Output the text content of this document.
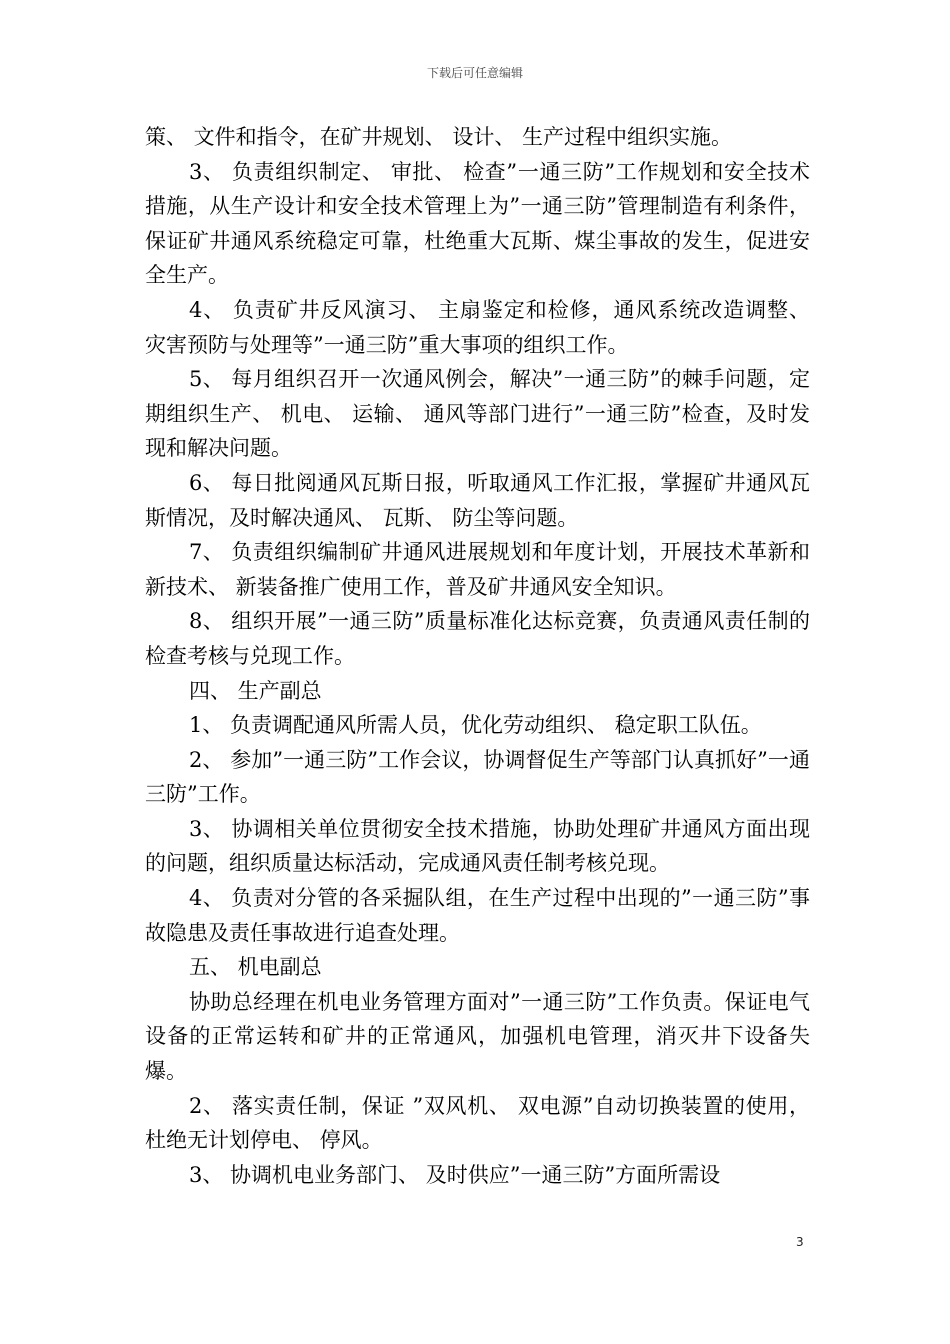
下载后可任意编辑

策、 文件和指令，在矿井规划、 设计、 生产过程中组织实施。

3、 负责组织制定、 审批、 检查”一通三防”工作规划和安全技术措施，从生产设计和安全技术管理上为”一通三防”管理制造有利条件，保证矿井通风系统稳定可靠，杜绝重大瓦斯、煤尘事故的发生，促进安全生产。

4、 负责矿井反风演习、 主扇鉴定和检修，通风系统改造调整、 灾害预防与处理等”一通三防”重大事项的组织工作。

5、 每月组织召开一次通风例会，解决”一通三防”的棘手问题，定期组织生产、 机电、 运输、 通风等部门进行”一通三防”检查，及时发现和解决问题。

6、 每日批阅通风瓦斯日报，听取通风工作汇报，掌握矿井通风瓦斯情况，及时解决通风、 瓦斯、 防尘等问题。

7、 负责组织编制矿井通风进展规划和年度计划，开展技术革新和新技术、 新装备推广使用工作，普及矿井通风安全知识。

8、 组织开展”一通三防”质量标准化达标竞赛，负责通风责任制的检查考核与兑现工作。

四、 生产副总

1、 负责调配通风所需人员，优化劳动组织、 稳定职工队伍。

2、 参加”一通三防”工作会议，协调督促生产等部门认真抓好”一通三防”工作。

3、 协调相关单位贯彻安全技术措施，协助处理矿井通风方面出现的问题，组织质量达标活动，完成通风责任制考核兑现。

4、 负责对分管的各采掘队组，在生产过程中出现的”一通三防”事故隐患及责任事故进行追查处理。

五、 机电副总

协助总经理在机电业务管理方面对”一通三防”工作负责。保证电气设备的正常运转和矿井的正常通风，加强机电管理，消灭井下设备失爆。

2、 落实责任制，保证 ”双风机、 双电源”自动切换装置的使用，杜绝无计划停电、 停风。

3、 协调机电业务部门、 及时供应”一通三防”方面所需设

3
